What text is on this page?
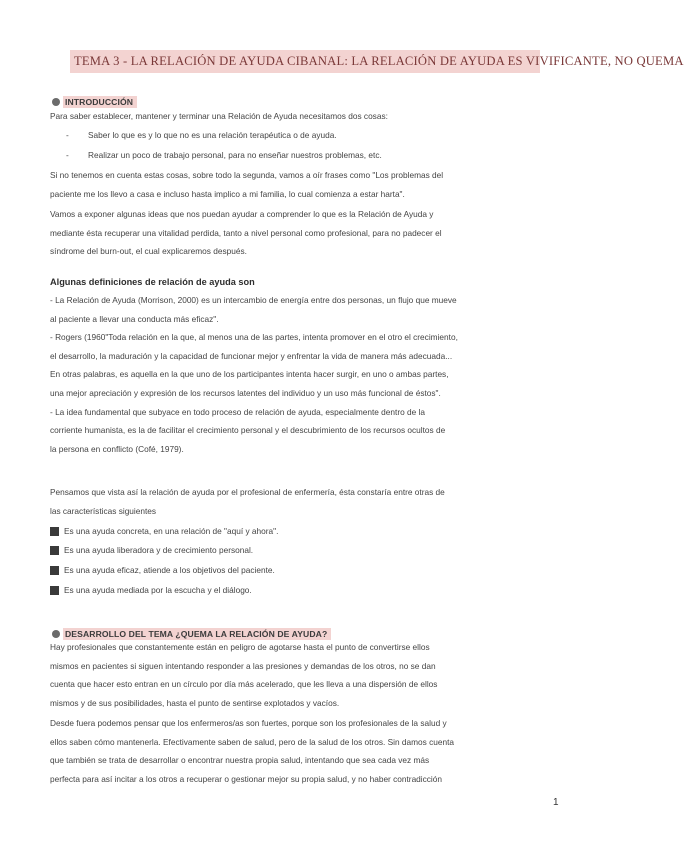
TEMA 3 - LA RELACIÓN DE AYUDA CIBANAL: LA RELACIÓN DE AYUDA ES VIVIFICANTE, NO QUEMA
INTRODUCCIÓN
Para saber establecer, mantener y terminar una Relación de Ayuda necesitamos dos cosas:
- Saber lo que es y lo que no es una relación terapéutica o de ayuda.
- Realizar un poco de trabajo personal, para no enseñar nuestros problemas, etc.
Si no tenemos en cuenta estas cosas, sobre todo la segunda, vamos a oír frases como "Los problemas del
paciente me los llevo a casa e incluso hasta implico a mi familia, lo cual comienza a estar harta".
Vamos a exponer algunas ideas que nos puedan ayudar a comprender lo que es la Relación de Ayuda y
mediante ésta recuperar una vitalidad perdida, tanto a nivel personal como profesional, para no padecer el
síndrome del burn-out, el cual explicaremos después.
Algunas definiciones de relación de ayuda son
- La Relación de Ayuda (Morrison, 2000) es un intercambio de energía entre dos personas, un flujo que mueve
al paciente a llevar una conducta más eficaz".
- Rogers (1960"Toda relación en la que, al menos una de las partes, intenta promover en el otro el crecimiento,
el desarrollo, la maduración y la capacidad de funcionar mejor y enfrentar la vida de manera más adecuada...
En otras palabras, es aquella en la que uno de los participantes intenta hacer surgir, en uno o ambas partes,
una mejor apreciación y expresión de los recursos latentes del individuo y un uso más funcional de éstos".
- La idea fundamental que subyace en todo proceso de relación de ayuda, especialmente dentro de la
corriente humanista, es la de facilitar el crecimiento personal y el descubrimiento de los recursos ocultos de
la persona en conflicto (Cofé, 1979).
Pensamos que vista así la relación de ayuda por el profesional de enfermería, ésta constaría entre otras de
las características siguientes
Es una ayuda concreta, en una relación de "aquí y ahora".
Es una ayuda liberadora y de crecimiento personal.
Es una ayuda eficaz, atiende a los objetivos del paciente.
Es una ayuda mediada por la escucha y el diálogo.
DESARROLLO DEL TEMA ¿QUEMA LA RELACIÓN DE AYUDA?
Hay profesionales que constantemente están en peligro de agotarse hasta el punto de convertirse ellos
mismos en pacientes si siguen intentando responder a las presiones y demandas de los otros, no se dan
cuenta que hacer esto entran en un círculo por día más acelerado, que les lleva a una dispersión de ellos
mismos y de sus posibilidades, hasta el punto de sentirse explotados y vacíos.
Desde fuera podemos pensar que los enfermeros/as son fuertes, porque son los profesionales de la salud y
ellos saben cómo mantenerla. Efectivamente saben de salud, pero de la salud de los otros. Sin damos cuenta
que también se trata de desarrollar o encontrar nuestra propia salud, intentando que sea cada vez más
perfecta para así incitar a los otros a recuperar o gestionar mejor su propia salud, y no haber contradicción
1
